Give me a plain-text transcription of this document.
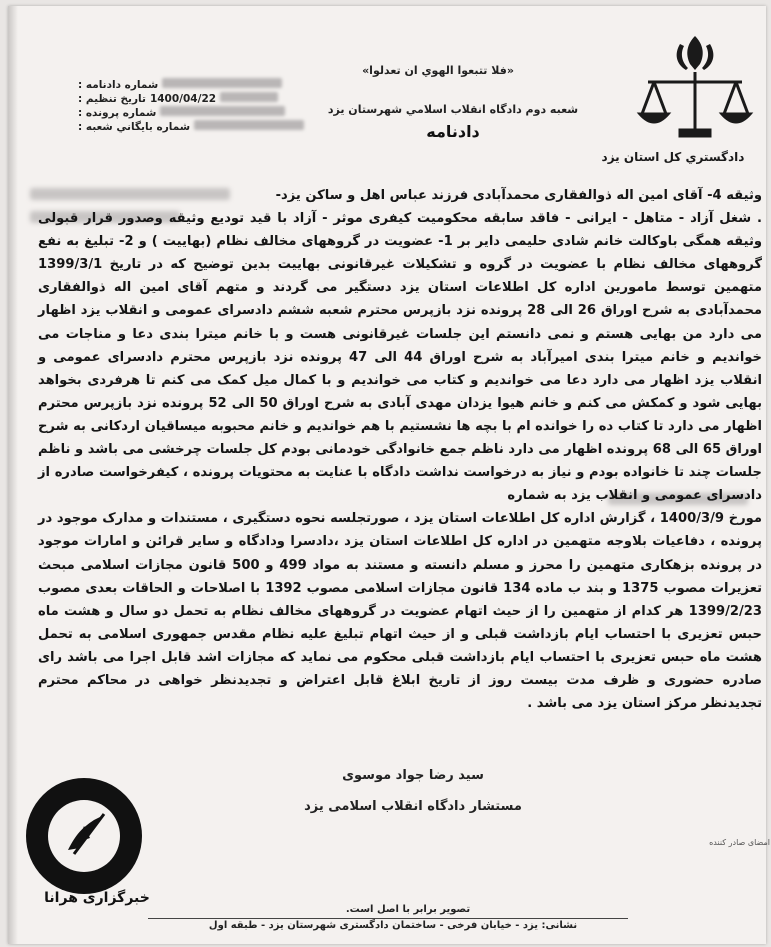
دادگستري كل استان يزد
«فلا تتبعوا الهوي ان تعدلوا»
شعبه دوم دادگاه انقلاب اسلامي شهرستان يزد
دادنامه
شماره دادنامه :
تاریخ تنظیم : 1400/04/22
شماره پرونده :
شماره بايگاني شعبه :

وثیقه 4- آقای امین اله ذوالفقاری محمدآبادی فرزند عباس اهل و ساکن یزد-

. شغل آزاد - متاهل - ایرانی - فاقد سابقه محکومیت کیفری موثر - آزاد با قید تودیع وثیقه وصدور قرار قبولی وثیقه همگی باوکالت خانم شادی حلیمی دایر بر 1- عضویت در گروههای مخالف نظام (بهاییت ) و 2- تبلیغ به نفع گروههای مخالف نظام با عضویت در گروه و تشکیلات غیرقانونی بهاییت بدین توضیح که در تاریخ 1399/3/1 متهمین توسط مامورین اداره کل اطلاعات استان یزد دستگیر می گردند و متهم آقای امین اله ذوالفقاری محمدآبادی به شرح اوراق 26 الی 28 پرونده نزد بازپرس محترم شعبه ششم دادسرای عمومی و انقلاب یزد اظهار می دارد من بهایی هستم و نمی دانستم این جلسات غیرقانونی هست و با خانم میترا بندی دعا و مناجات می خواندیم و خانم میترا بندی امیرآباد به شرح اوراق 44 الی 47 پرونده نزد بازپرس محترم دادسرای عمومی و انقلاب یزد اظهار می دارد دعا می خواندیم و کتاب می خواندیم و با کمال میل کمک می کنم تا هرفردی بخواهد بهایی شود و کمکش می کنم و خانم هیوا یزدان مهدی آبادی به شرح اوراق 50 الی 52 پرونده نزد بازپرس محترم اظهار می دارد تا کتاب ده را خوانده ام با بچه ها نشستیم با هم خواندیم و خانم محبوبه میساقیان اردکانی به شرح اوراق 65 الی 68 پرونده اظهار می دارد ناظم جمع خانوادگی خودمانی بودم کل جلسات چرخشی می باشد و ناظم جلسات چند تا خانواده بودم و نیاز به درخواست نداشت دادگاه با عنایت به محتویات پرونده ، کیفرخواست صادره از دادسرای عمومی و انقلاب یزد به شماره

مورخ 1400/3/9 ، گزارش اداره کل اطلاعات استان یزد ، صورتجلسه نحوه دستگیری ، مستندات و مدارک موجود در پرونده ، دفاعیات بلاوجه متهمین در اداره کل اطلاعات استان یزد ،دادسرا ودادگاه و سایر قرائن و امارات موجود در پرونده بزهکاری متهمین را محرز و مسلم دانسته و مستند به مواد 499 و 500 قانون مجازات اسلامی مبحث تعزیرات مصوب 1375 و بند ب ماده 134 قانون مجازات اسلامی مصوب 1392 با اصلاحات و الحاقات بعدی مصوب 1399/2/23 هر کدام از متهمین را از حیث اتهام عضویت در گروههای مخالف نظام به تحمل دو سال و هشت ماه حبس تعزیری با احتساب ایام بازداشت قبلی و از حیث اتهام تبلیغ علیه نظام مقدس جمهوری اسلامی به تحمل هشت ماه حبس تعزیری با احتساب ایام بازداشت قبلی محکوم می نماید که مجازات اشد قابل اجرا می باشد رای صادره حضوری و ظرف مدت بیست روز از تاریخ ابلاغ قابل اعتراض و تجدیدنظر خواهی در محاکم محترم تجدیدنظر مرکز استان یزد می باشد .

سید رضا جواد موسوی
مستشار دادگاه انقلاب اسلامی یزد
امضای صادر کننده
خبرگزاری هرانا
تصویر برابر با اصل است.
نشانی: یزد - خیابان فرخی - ساختمان دادگستری شهرستان یزد - طبقه اول
